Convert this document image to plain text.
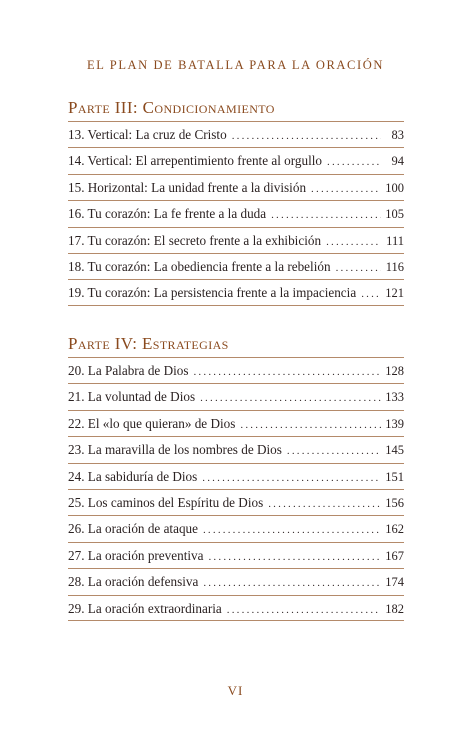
EL PLAN DE BATALLA PARA LA ORACIÓN
Parte III: Condicionamiento
13. Vertical: La cruz de Cristo .....	83
14. Vertical: El arrepentimiento frente al orgullo .....	94
15. Horizontal: La unidad frente a la división .....	100
16. Tu corazón: La fe frente a la duda .....	105
17. Tu corazón: El secreto frente a la exhibición .....	111
18. Tu corazón: La obediencia frente a la rebelión .....	116
19. Tu corazón: La persistencia frente a la impaciencia ..... 121
Parte IV: Estrategias
20. La Palabra de Dios .....	128
21. La voluntad de Dios .....	133
22. El «lo que quieran» de Dios .....	139
23. La maravilla de los nombres de Dios .....	145
24. La sabiduría de Dios .....	151
25. Los caminos del Espíritu de Dios .....	156
26. La oración de ataque .....	162
27. La oración preventiva .....	167
28. La oración defensiva .....	174
29. La oración extraordinaria .....	182
VI
